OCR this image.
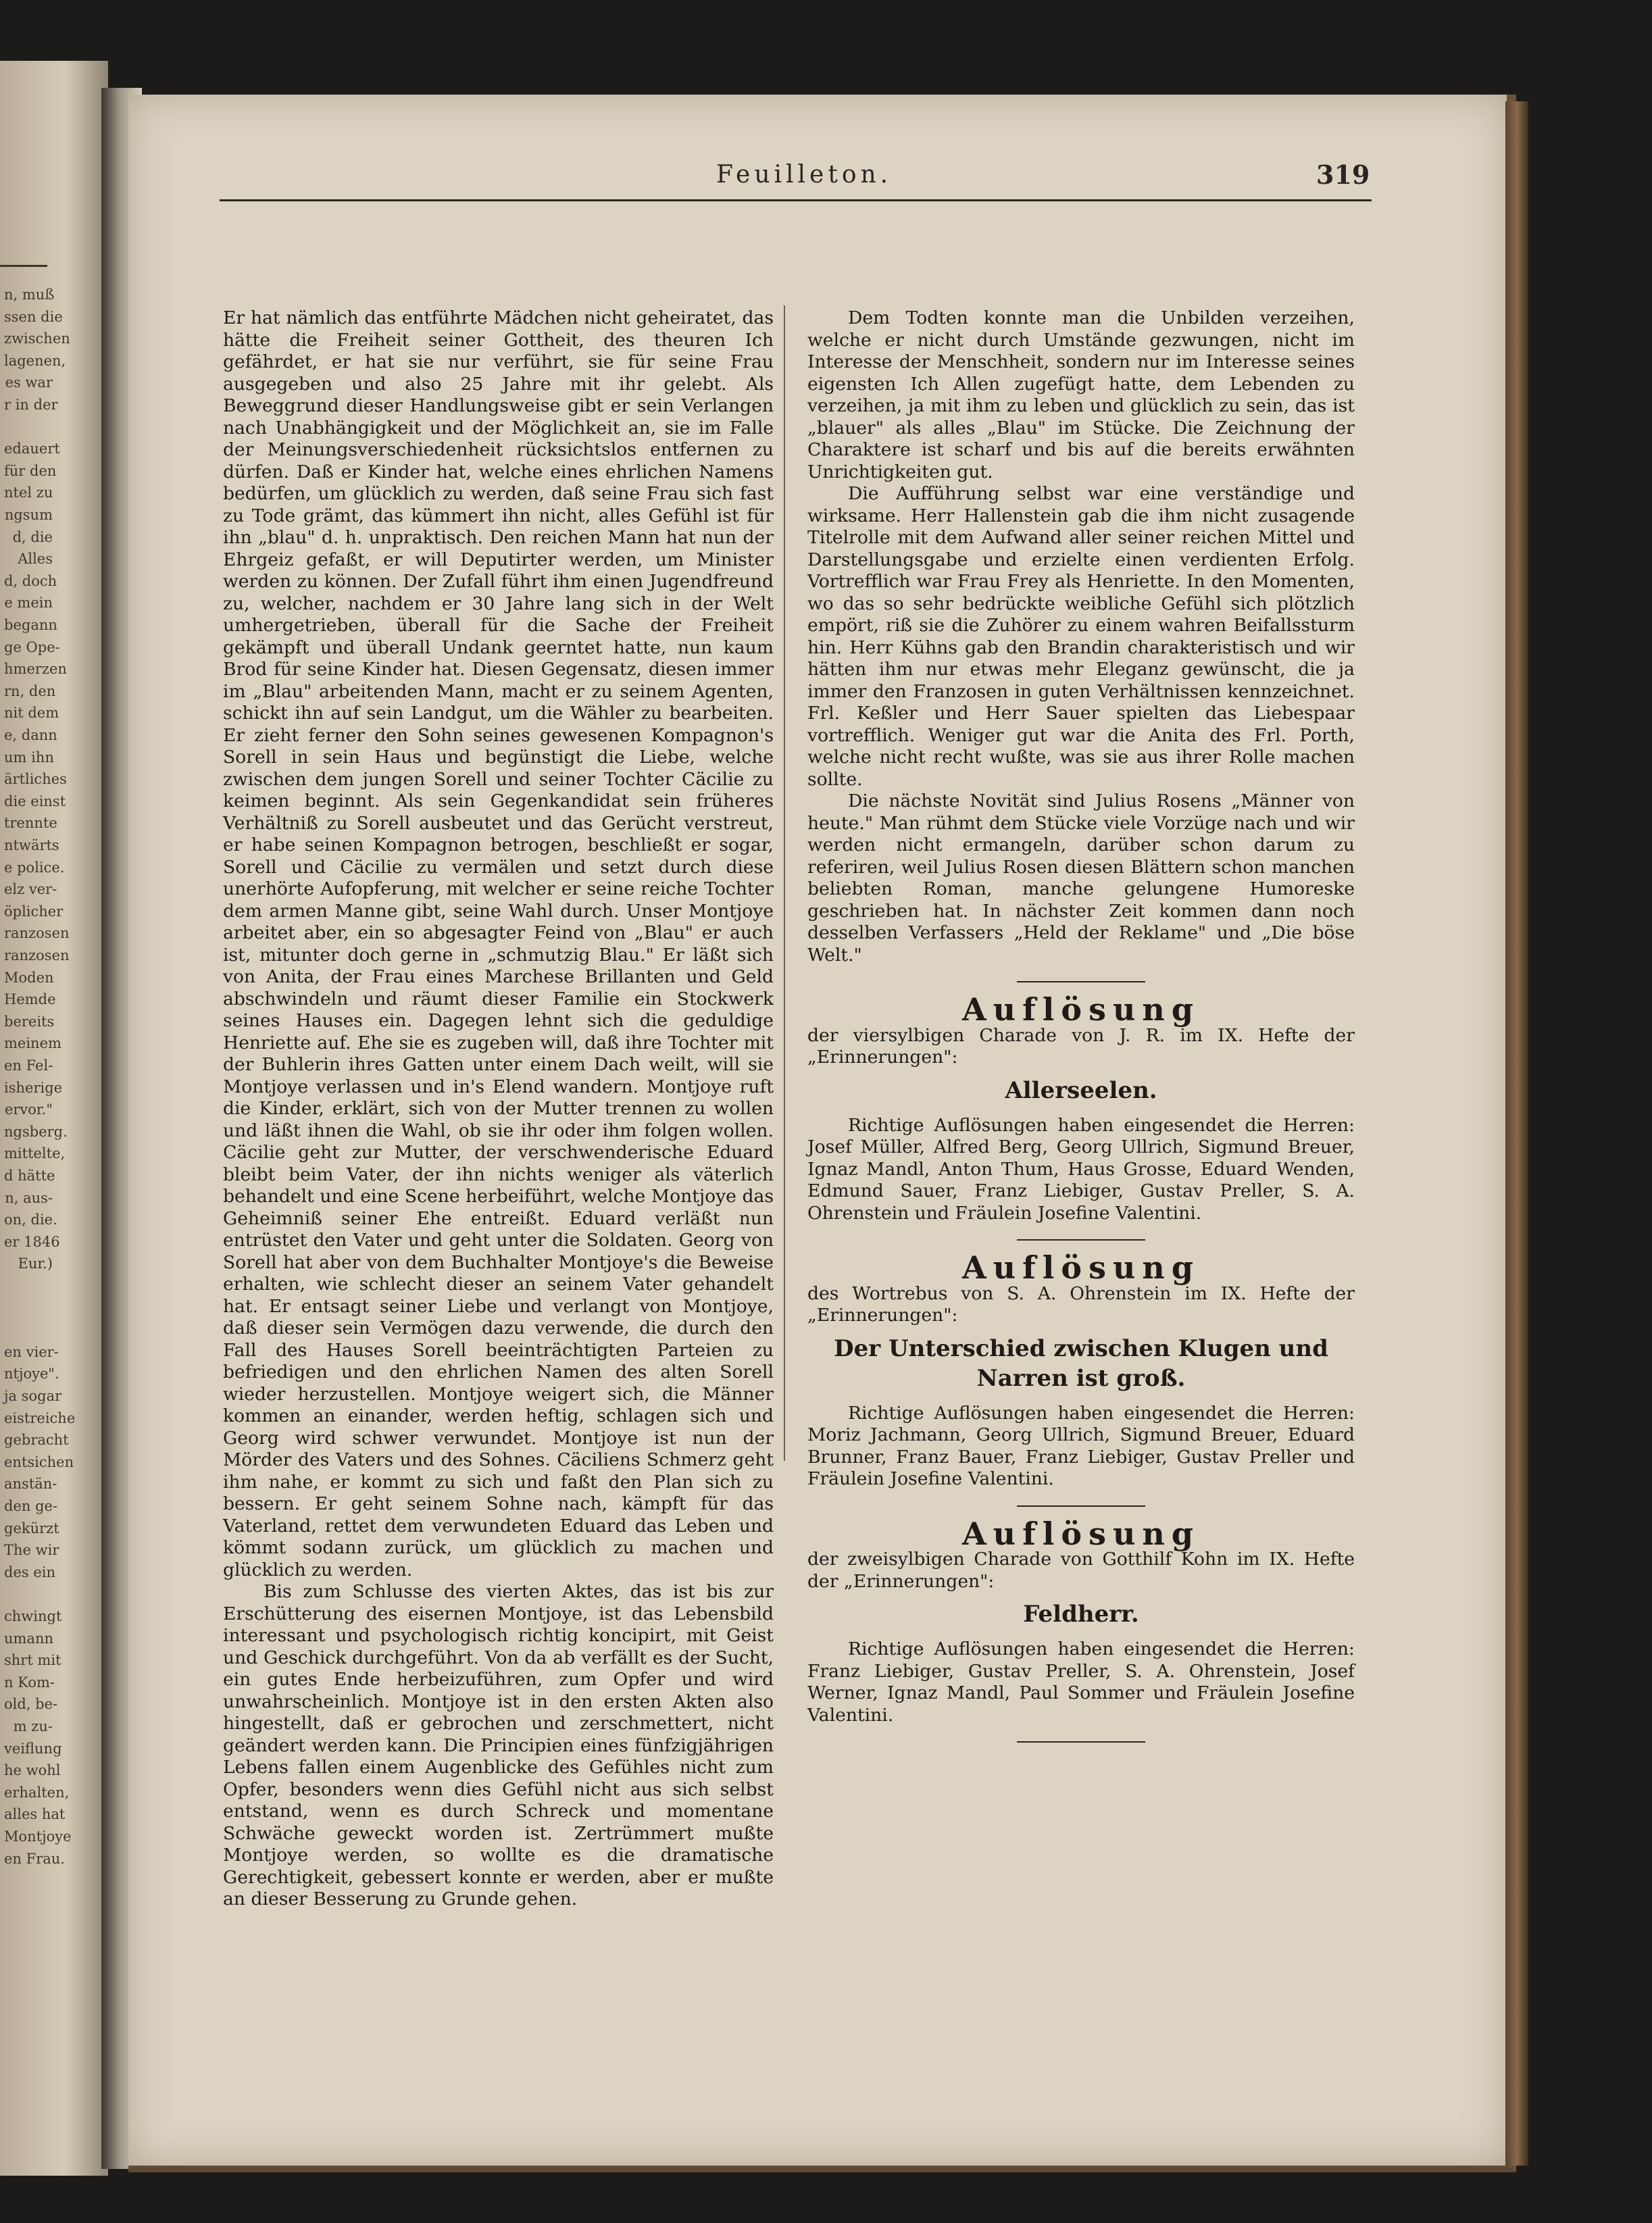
n, muß
ssen die
zwischen
lagenen,
es war
r in der
edauert
für den
ntel zu
ngsum
d, die
Alles
d, doch
e mein
begann
ge Ope-
hmerzen
rn, den
nit dem
e, dann
um ihn
ärtliches
die einst
trennte
ntwärts
e police.
elz ver-
öplicher
ranzosen
ranzosen
Moden
Hemde
bereits
meinem
en Fel-
isherige
ervor."
ngsberg.
mittelte,
d hätte
n, aus-
on, die.
er 1846
Eur.)
en vier-
ntjoye".
ja sogar
eistreiche
gebracht
entsichen
anstän-
den ge-
gekürzt
The wir
des ein
chwingt
umann
shrt mit
n Kom-
old, be-
m zu-
veiflung
he wohl
erhalten,
alles hat
Montjoye
en Frau.
Feuilleton.	319

Er hat nämlich das entführte Mädchen nicht geheiratet, das hätte die Freiheit seiner Gottheit, des theuren Ich gefährdet, er hat sie nur verführt, sie für seine Frau ausgegeben und also 25 Jahre mit ihr gelebt. Als Beweggrund dieser Handlungsweise gibt er sein Verlangen nach Unabhängigkeit und der Möglichkeit an, sie im Falle der Meinungsverschiedenheit rücksichtslos entfernen zu dürfen. Daß er Kinder hat, welche eines ehrlichen Namens bedürfen, um glücklich zu werden, daß seine Frau sich fast zu Tode grämt, das kümmert ihn nicht, alles Gefühl ist für ihn „blau" d. h. unpraktisch. Den reichen Mann hat nun der Ehrgeiz gefaßt, er will Deputirter werden, um Minister werden zu können. Der Zufall führt ihm einen Jugendfreund zu, welcher, nachdem er 30 Jahre lang sich in der Welt umhergetrieben, überall für die Sache der Freiheit gekämpft und überall Undank geerntet hatte, nun kaum Brod für seine Kinder hat. Diesen Gegensatz, diesen immer im „Blau" arbeitenden Mann, macht er zu seinem Agenten, schickt ihn auf sein Landgut, um die Wähler zu bearbeiten. Er zieht ferner den Sohn seines gewesenen Kompagnon's Sorell in sein Haus und begünstigt die Liebe, welche zwischen dem jungen Sorell und seiner Tochter Cäcilie zu keimen beginnt. Als sein Gegenkandidat sein früheres Verhältniß zu Sorell ausbeutet und das Gerücht verstreut, er habe seinen Kompagnon betrogen, beschließt er sogar, Sorell und Cäcilie zu vermälen und setzt durch diese unerhörte Aufopferung, mit welcher er seine reiche Tochter dem armen Manne gibt, seine Wahl durch. Unser Montjoye arbeitet aber, ein so abgesagter Feind von „Blau" er auch ist, mitunter doch gerne in „schmutzig Blau." Er läßt sich von Anita, der Frau eines Marchese Brillanten und Geld abschwindeln und räumt dieser Familie ein Stockwerk seines Hauses ein. Dagegen lehnt sich die geduldige Henriette auf. Ehe sie es zugeben will, daß ihre Tochter mit der Buhlerin ihres Gatten unter einem Dach weilt, will sie Montjoye verlassen und in's Elend wandern. Montjoye ruft die Kinder, erklärt, sich von der Mutter trennen zu wollen und läßt ihnen die Wahl, ob sie ihr oder ihm folgen wollen. Cäcilie geht zur Mutter, der verschwenderische Eduard bleibt beim Vater, der ihn nichts weniger als väterlich behandelt und eine Scene herbeiführt, welche Montjoye das Geheimniß seiner Ehe entreißt. Eduard verläßt nun entrüstet den Vater und geht unter die Soldaten. Georg von Sorell hat aber von dem Buchhalter Montjoye's die Beweise erhalten, wie schlecht dieser an seinem Vater gehandelt hat. Er entsagt seiner Liebe und verlangt von Montjoye, daß dieser sein Vermögen dazu verwende, die durch den Fall des Hauses Sorell beeinträchtigten Parteien zu befriedigen und den ehrlichen Namen des alten Sorell wieder herzustellen. Montjoye weigert sich, die Männer kommen an einander, werden heftig, schlagen sich und Georg wird schwer verwundet. Montjoye ist nun der Mörder des Vaters und des Sohnes. Cäciliens Schmerz geht ihm nahe, er kommt zu sich und faßt den Plan sich zu bessern. Er geht seinem Sohne nach, kämpft für das Vaterland, rettet dem verwundeten Eduard das Leben und kömmt sodann zurück, um glücklich zu machen und glücklich zu werden.

Bis zum Schlusse des vierten Aktes, das ist bis zur Erschütterung des eisernen Montjoye, ist das Lebensbild interessant und psychologisch richtig koncipirt, mit Geist und Geschick durchgeführt. Von da ab verfällt es der Sucht, ein gutes Ende herbeizuführen, zum Opfer und wird unwahrscheinlich. Montjoye ist in den ersten Akten also hingestellt, daß er gebrochen und zerschmettert, nicht geändert werden kann. Die Principien eines fünfzigjährigen Lebens fallen einem Augenblicke des Gefühles nicht zum Opfer, besonders wenn dies Gefühl nicht aus sich selbst entstand, wenn es durch Schreck und momentane Schwäche geweckt worden ist. Zertrümmert mußte Montjoye werden, so wollte es die dramatische Gerechtigkeit, gebessert konnte er werden, aber er mußte an dieser Besserung zu Grunde gehen.

Dem Todten konnte man die Unbilden verzeihen, welche er nicht durch Umstände gezwungen, nicht im Interesse der Menschheit, sondern nur im Interesse seines eigensten Ich Allen zugefügt hatte, dem Lebenden zu verzeihen, ja mit ihm zu leben und glücklich zu sein, das ist „blauer" als alles „Blau" im Stücke. Die Zeichnung der Charaktere ist scharf und bis auf die bereits erwähnten Unrichtigkeiten gut.

Die Aufführung selbst war eine verständige und wirksame. Herr Hallenstein gab die ihm nicht zusagende Titelrolle mit dem Aufwand aller seiner reichen Mittel und Darstellungsgabe und erzielte einen verdienten Erfolg. Vortrefflich war Frau Frey als Henriette. In den Momenten, wo das so sehr bedrückte weibliche Gefühl sich plötzlich empört, riß sie die Zuhörer zu einem wahren Beifallssturm hin. Herr Kühns gab den Brandin charakteristisch und wir hätten ihm nur etwas mehr Eleganz gewünscht, die ja immer den Franzosen in guten Verhältnissen kennzeichnet. Frl. Keßler und Herr Sauer spielten das Liebespaar vortrefflich. Weniger gut war die Anita des Frl. Porth, welche nicht recht wußte, was sie aus ihrer Rolle machen sollte.

Die nächste Novität sind Julius Rosens „Männer von heute." Man rühmt dem Stücke viele Vorzüge nach und wir werden nicht ermangeln, darüber schon darum zu referiren, weil Julius Rosen diesen Blättern schon manchen beliebten Roman, manche gelungene Humoreske geschrieben hat. In nächster Zeit kommen dann noch desselben Verfassers „Held der Reklame" und „Die böse Welt."

Auflösung

der viersylbigen Charade von J. R. im IX. Hefte der „Erinnerungen":

Allerseelen.

Richtige Auflösungen haben eingesendet die Herren: Josef Müller, Alfred Berg, Georg Ullrich, Sigmund Breuer, Ignaz Mandl, Anton Thum, Haus Grosse, Eduard Wenden, Edmund Sauer, Franz Liebiger, Gustav Preller, S. A. Ohrenstein und Fräulein Josefine Valentini.

Auflösung

des Wortrebus von S. A. Ohrenstein im IX. Hefte der „Erinnerungen":

Der Unterschied zwischen Klugen und Narren ist groß.

Richtige Auflösungen haben eingesendet die Herren: Moriz Jachmann, Georg Ullrich, Sigmund Breuer, Eduard Brunner, Franz Bauer, Franz Liebiger, Gustav Preller und Fräulein Josefine Valentini.

Auflösung

der zweisylbigen Charade von Gotthilf Kohn im IX. Hefte der „Erinnerungen":

Feldherr.

Richtige Auflösungen haben eingesendet die Herren: Franz Liebiger, Gustav Preller, S. A. Ohrenstein, Josef Werner, Ignaz Mandl, Paul Sommer und Fräulein Josefine Valentini.
